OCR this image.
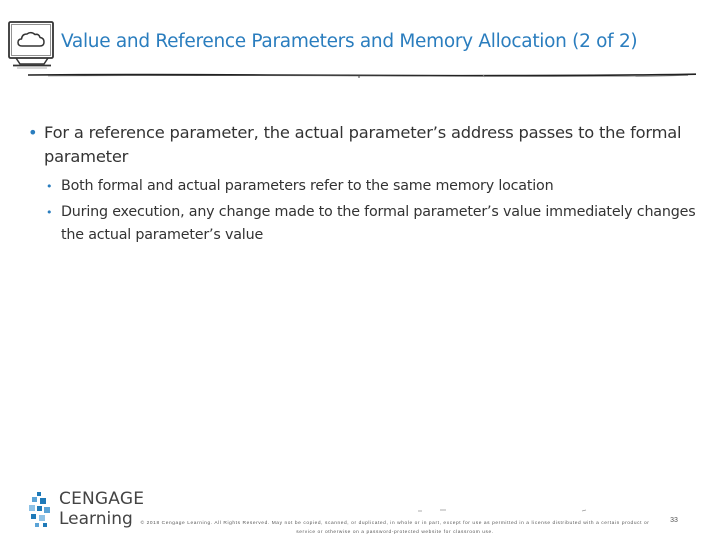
Value and Reference Parameters and Memory Allocation (2 of 2)
• For a reference parameter, the actual parameter’s address passes to the formal parameter
• Both formal and actual parameters refer to the same memory location
• During execution, any change made to the formal parameter’s value immediately changes the actual parameter’s value
CENGAGE
Learning	© 2018 Cengage Learning. All Rights Reserved. May not be copied, scanned, or duplicated, in whole or in part, except for use as permitted in a license distributed with a certain product or service or otherwise on a password-protected website for classroom use.
33
